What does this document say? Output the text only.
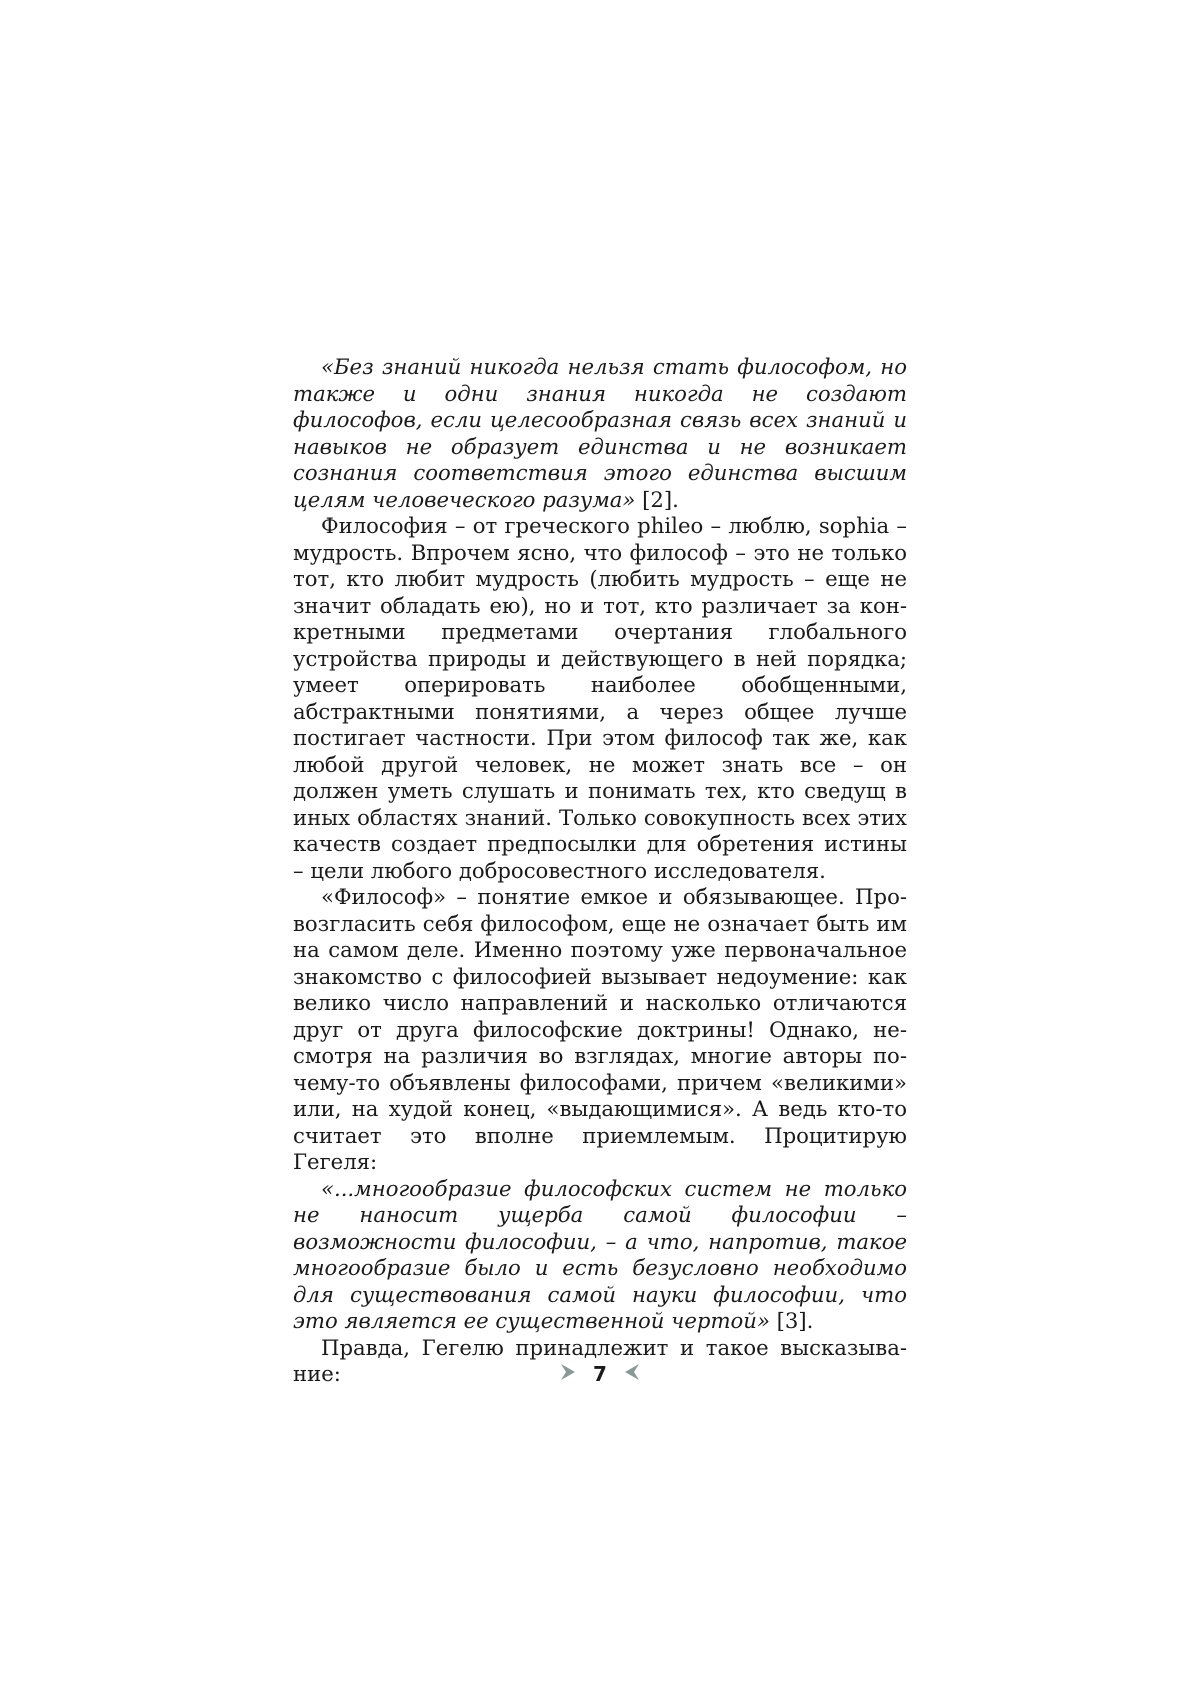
«Без знаний никогда нельзя стать философом, но также и одни знания никогда не создают философов, если целесообразная связь всех знаний и навыков не образует единства и не возникает сознания соответствия этого единства высшим целям человеческого разума» [2].

Философия – от греческого phileo – люблю, sophia – мудрость. Впрочем ясно, что философ – это не только тот, кто любит мудрость (любить мудрость – еще не значит обладать ею), но и тот, кто различает за конкретными предметами очертания глобального устройства природы и действующего в ней порядка; умеет оперировать наиболее обобщенными, абстрактными понятиями, а через общее лучше постигает частности. При этом философ так же, как любой другой человек, не может знать все – он должен уметь слушать и понимать тех, кто сведущ в иных областях знаний. Только совокупность всех этих качеств создает предпосылки для обретения истины – цели любого добросовестного исследователя.

«Философ» – понятие емкое и обязывающее. Провозгласить себя философом, еще не означает быть им на самом деле. Именно поэтому уже первоначальное знакомство с философией вызывает недоумение: как велико число направлений и насколько отличаются друг от друга философские доктрины! Однако, несмотря на различия во взглядах, многие авторы почему-то объявлены философами, причем «великими» или, на худой конец, «выдающимися». А ведь кто-то считает это вполне приемлемым. Процитирую Гегеля:

«...многообразие философских систем не только не наносит ущерба самой философии – возможности философии, – а что, напротив, такое многообразие было и есть безусловно необходимо для существования самой науки философии, что это является ее существенной чертой» [3].

Правда, Гегелю принадлежит и такое высказывание:	7
